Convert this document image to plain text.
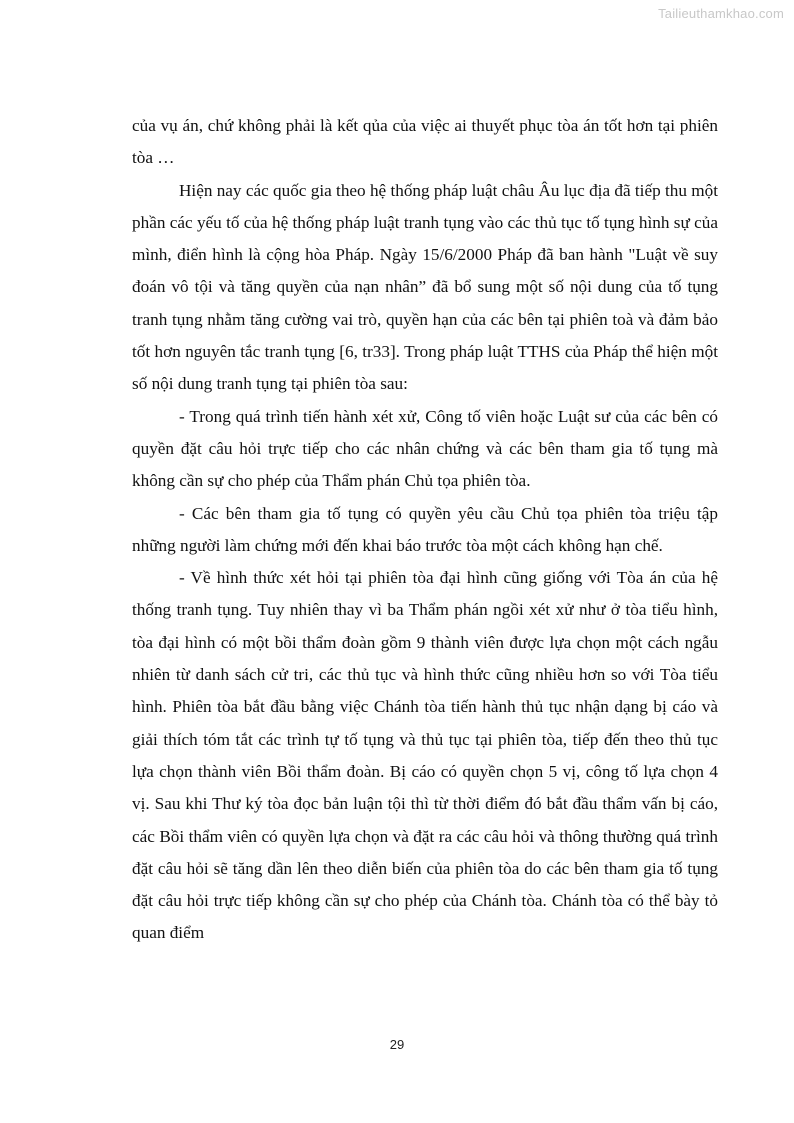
Tailieuthamkhao.com

của vụ án, chứ không phải là kết qủa của việc ai thuyết phục tòa án tốt hơn tại phiên tòa …

Hiện nay các quốc gia theo hệ thống pháp luật châu Âu lục địa đã tiếp thu một phần các yếu tố của hệ thống pháp luật tranh tụng vào các thủ tục tố tụng hình sự của mình, điển hình là cộng hòa Pháp. Ngày 15/6/2000 Pháp đã ban hành "Luật về suy đoán vô tội và tăng quyền của nạn nhân” đã bổ sung một số nội dung của tố tụng tranh tụng nhằm tăng cường vai trò, quyền hạn của các bên tại phiên toà và đảm bảo tốt hơn nguyên tắc tranh tụng [6, tr33]. Trong pháp luật TTHS của Pháp thể hiện một số nội dung tranh tụng tại phiên tòa sau:

- Trong quá trình tiến hành xét xử, Công tố viên hoặc Luật sư của các bên có quyền đặt câu hỏi trực tiếp cho các nhân chứng và các bên tham gia tố tụng mà không cần sự cho phép của Thẩm phán Chủ tọa phiên tòa.

- Các bên tham gia tố tụng có quyền yêu cầu Chủ tọa phiên tòa triệu tập những người làm chứng mới đến khai báo trước tòa một cách không hạn chế.

- Về hình thức xét hỏi tại phiên tòa đại hình cũng giống với Tòa án của hệ thống tranh tụng. Tuy nhiên thay vì ba Thẩm phán ngồi xét xử như ở tòa tiểu hình, tòa đại hình có một bồi thẩm đoàn gồm 9 thành viên được lựa chọn một cách ngẫu nhiên từ danh sách cử tri, các thủ tục và hình thức cũng nhiều hơn so với Tòa tiểu hình. Phiên tòa bắt đầu bằng việc Chánh tòa tiến hành thủ tục nhận dạng bị cáo và giải thích tóm tắt các trình tự tố tụng và thủ tục tại phiên tòa, tiếp đến theo thủ tục lựa chọn thành viên Bồi thẩm đoàn. Bị cáo có quyền chọn 5 vị, công tố lựa chọn 4 vị. Sau khi Thư ký tòa đọc bản luận tội thì từ thời điểm đó bắt đầu thẩm vấn bị cáo, các Bồi thẩm viên có quyền lựa chọn và đặt ra các câu hỏi và thông thường quá trình đặt câu hỏi sẽ tăng dần lên theo diễn biến của phiên tòa do các bên tham gia tố tụng đặt câu hỏi trực tiếp không cần sự cho phép của Chánh tòa. Chánh tòa có thể bày tỏ quan điểm

29
